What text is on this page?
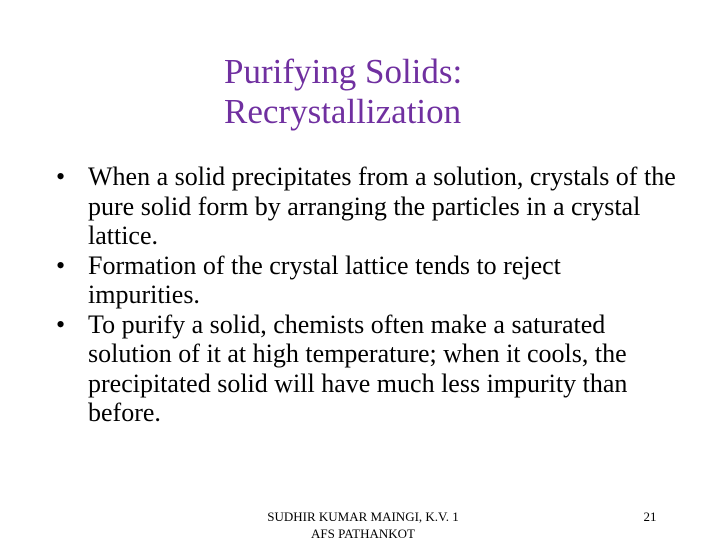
Purifying Solids:
Recrystallization
• When a solid precipitates from a solution, crystals of the pure solid form by arranging the particles in a crystal lattice.
• Formation of the crystal lattice tends to reject impurities.
• To purify a solid, chemists often make a saturated solution of it at high temperature; when it cools, the precipitated solid will have much less impurity than before.
SUDHIR KUMAR MAINGI, K.V. 1
AFS PATHANKOT
21
